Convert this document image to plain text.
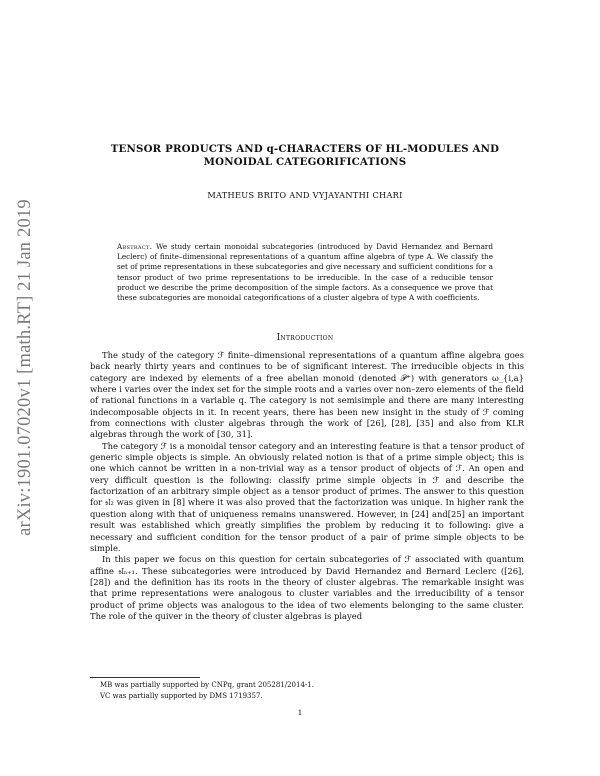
arXiv:1901.07020v1 [math.RT] 21 Jan 2019
TENSOR PRODUCTS AND q-CHARACTERS OF HL-MODULES AND MONOIDAL CATEGORIFICATIONS
MATHEUS BRITO AND VYJAYANTHI CHARI
Abstract. We study certain monoidal subcategories (introduced by David Hernandez and Bernard Leclerc) of finite–dimensional representations of a quantum affine algebra of type A. We classify the set of prime representations in these subcategories and give necessary and sufficient conditions for a tensor product of two prime representations to be irreducible. In the case of a reducible tensor product we describe the prime decomposition of the simple factors. As a consequence we prove that these subcategories are monoidal categorifications of a cluster algebra of type A with coefficients.
Introduction

The study of the category ℱ finite–dimensional representations of a quantum affine algebra goes back nearly thirty years and continues to be of significant interest. The irreducible objects in this category are indexed by elements of a free abelian monoid (denoted 𝒫⁺) with generators ω_{i,a} where i varies over the index set for the simple roots and a varies over non–zero elements of the field of rational functions in a variable q. The category is not semisimple and there are many interesting indecomposable objects in it. In recent years, there has been new insight in the study of ℱ coming from connections with cluster algebras through the work of [26], [28], [35] and also from KLR algebras through the work of [30, 31].

The category ℱ is a monoidal tensor category and an interesting feature is that a tensor product of generic simple objects is simple. An obviously related notion is that of a prime simple object; this is one which cannot be written in a non-trivial way as a tensor product of objects of ℱ. An open and very difficult question is the following: classify prime simple objects in ℱ and describe the factorization of an arbitrary simple object as a tensor product of primes. The answer to this question for 𝔰𝔩₂ was given in [8] where it was also proved that the factorization was unique. In higher rank the question along with that of uniqueness remains unanswered. However, in [24] and[25] an important result was established which greatly simplifies the problem by reducing it to following: give a necessary and sufficient condition for the tensor product of a pair of prime simple objects to be simple.

In this paper we focus on this question for certain subcategories of ℱ associated with quantum affine 𝔰𝔩ₙ₊₁. These subcategories were introduced by David Hernandez and Bernard Leclerc ([26], [28]) and the definition has its roots in the theory of cluster algebras. The remarkable insight was that prime representations were analogous to cluster variables and the irreducibility of a tensor product of prime objects was analogous to the idea of two elements belonging to the same cluster. The role of the quiver in the theory of cluster algebras is played

MB was partially supported by CNPq, grant 205281/2014-1.
VC was partially supported by DMS 1719357.
1
